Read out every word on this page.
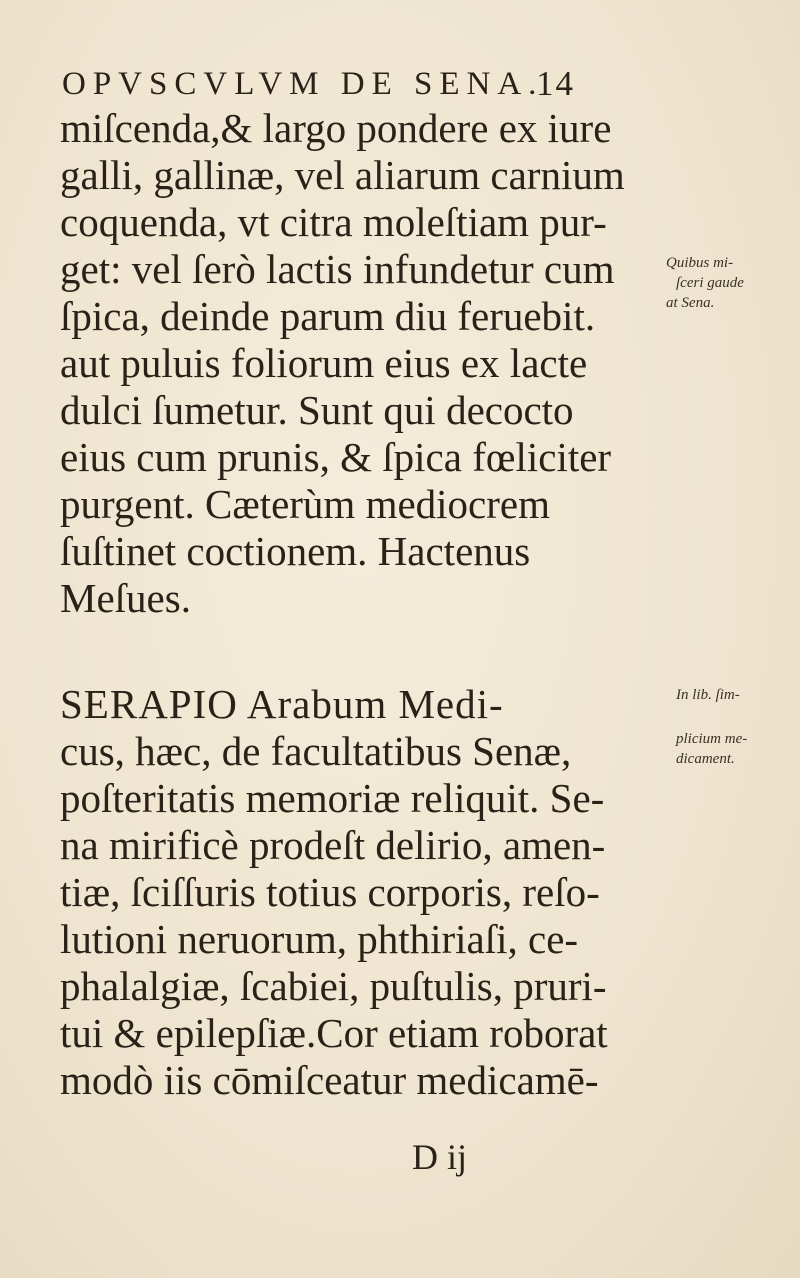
OPVSCVLVM DE SENA.
14
miſcenda,& largo pondere ex iure
galli, gallinæ, vel aliarum carnium
coquenda, vt citra moleſtiam pur-
get: vel ſerò lactis infundetur cum
ſpica, deinde parum diu feruebit.
aut puluis foliorum eius ex lacte
dulci ſumetur. Sunt qui decocto
eius cum prunis, & ſpica fœliciter
purgent. Cæterùm mediocrem
ſuſtinet coctionem. Hactenus
Meſues.
SERAPIO Arabum Medi-
cus, hæc, de facultatibus Senæ,
poſteritatis memoriæ reliquit. Se-
na mirificè prodeſt delirio, amen-
tiæ, ſciſſuris totius corporis, reſo-
lutioni neruorum, phthiriaſi, ce-
phalalgiæ, ſcabiei, puſtulis, pruri-
tui & epilepſiæ.Cor etiam roborat
modò iis cōmiſceatur medicamē-
Quibus mi-
ſceri gaude
at Sena.
In lib. ſim-
plicium me-
dicament.
D ij
